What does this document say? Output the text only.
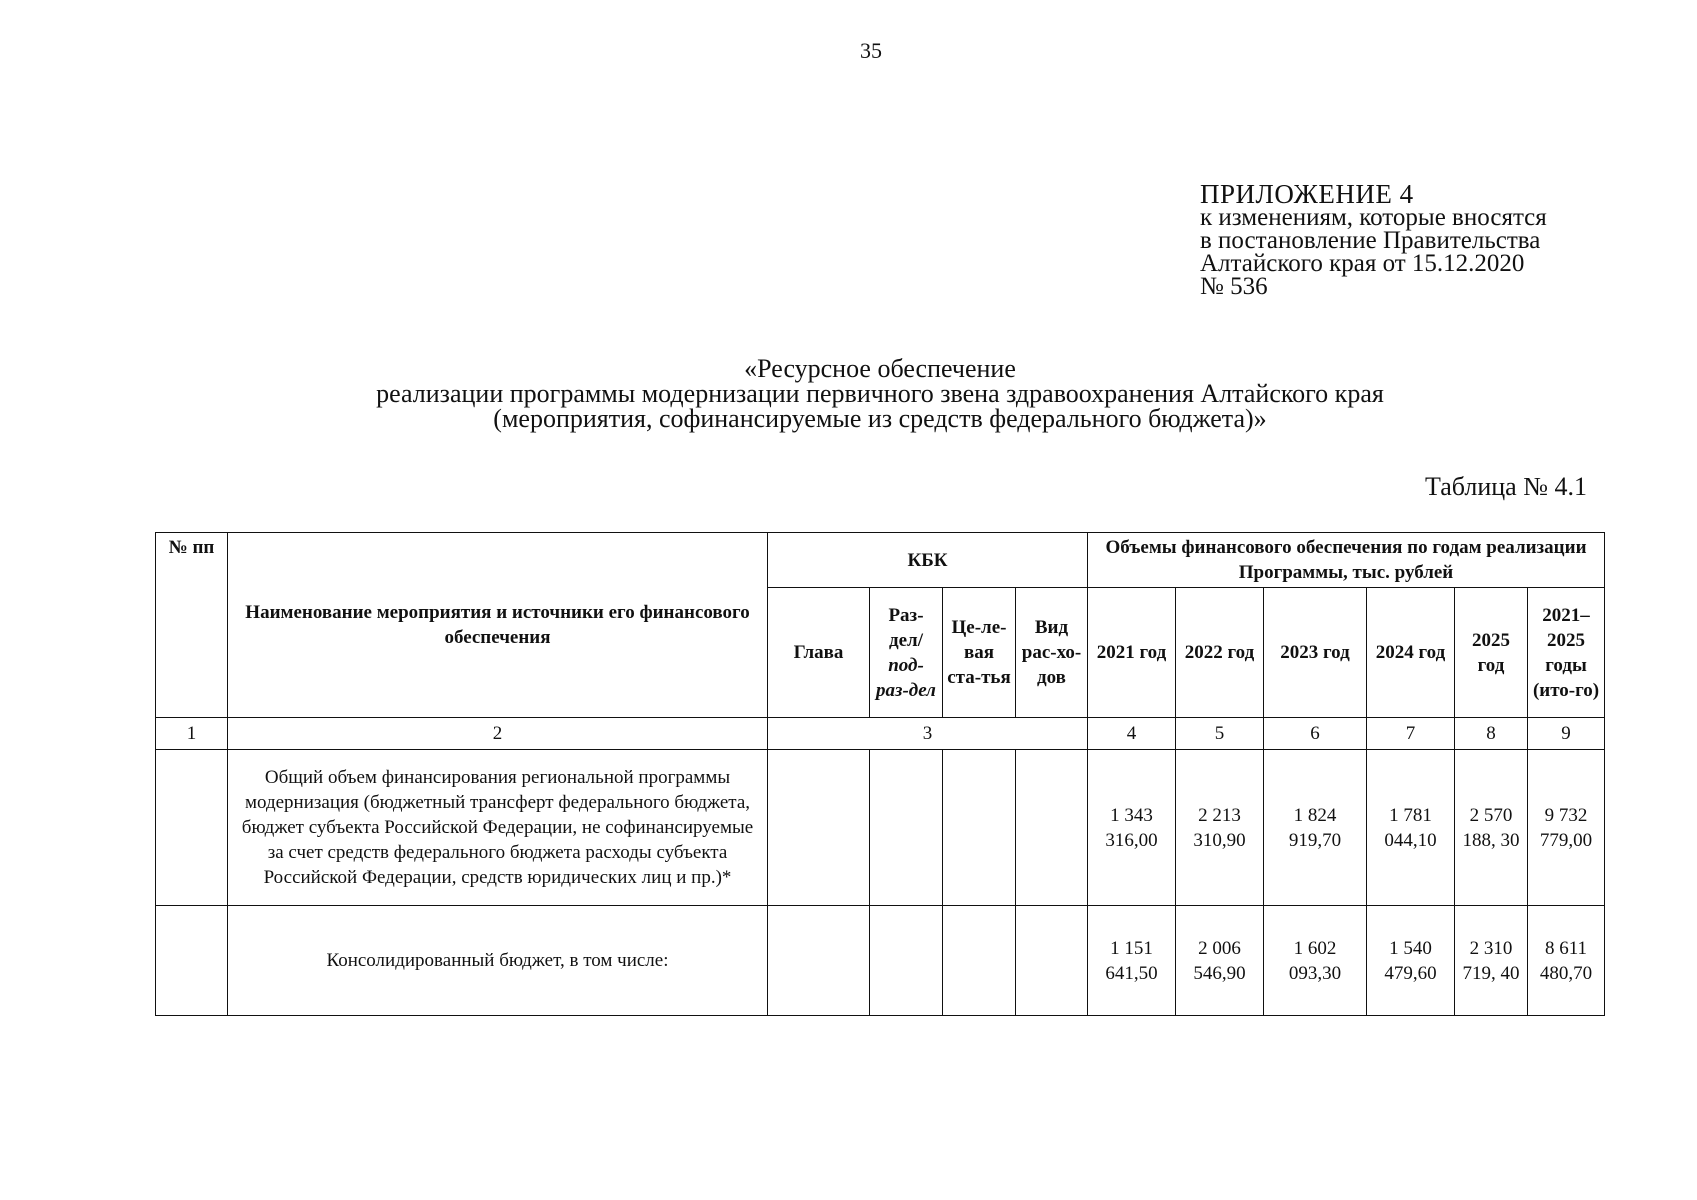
35
ПРИЛОЖЕНИЕ 4
к изменениям, которые вносятся
в постановление Правительства
Алтайского края от 15.12.2020
№ 536
«Ресурсное обеспечение
реализации программы модернизации первичного звена здравоохранения Алтайского края
(мероприятия, софинансируемые из средств федерального бюджета)»
Таблица № 4.1
№ пп	Наименование мероприятия и источники его финансового обеспечения	КБК				Объемы финансового обеспечения по годам реализации Программы, тыс. рублей					
		Глава	Раз-дел/ под-раз-дел	Це-ле-вая ста-тья	Вид рас-хо-дов	2021 год	2022 год	2023 год	2024 год	2025 год	2021– 2025 годы (ито-го)
1	2	3				4	5	6	7	8	9
	Общий объем финансирования региональной программы модернизация (бюджетный трансферт федерального бюджета, бюджет субъекта Российской Федерации, не софинансируемые за счет средств федерального бюджета расходы субъекта Российской Федерации, средств юридических лиц и пр.)*					1 343 316,00	2 213 310,90	1 824 919,70	1 781 044,10	2 570 188, 30	9 732 779,00
	Консолидированный бюджет, в том числе:					1 151 641,50	2 006 546,90	1 602 093,30	1 540 479,60	2 310 719, 40	8 611 480,70
